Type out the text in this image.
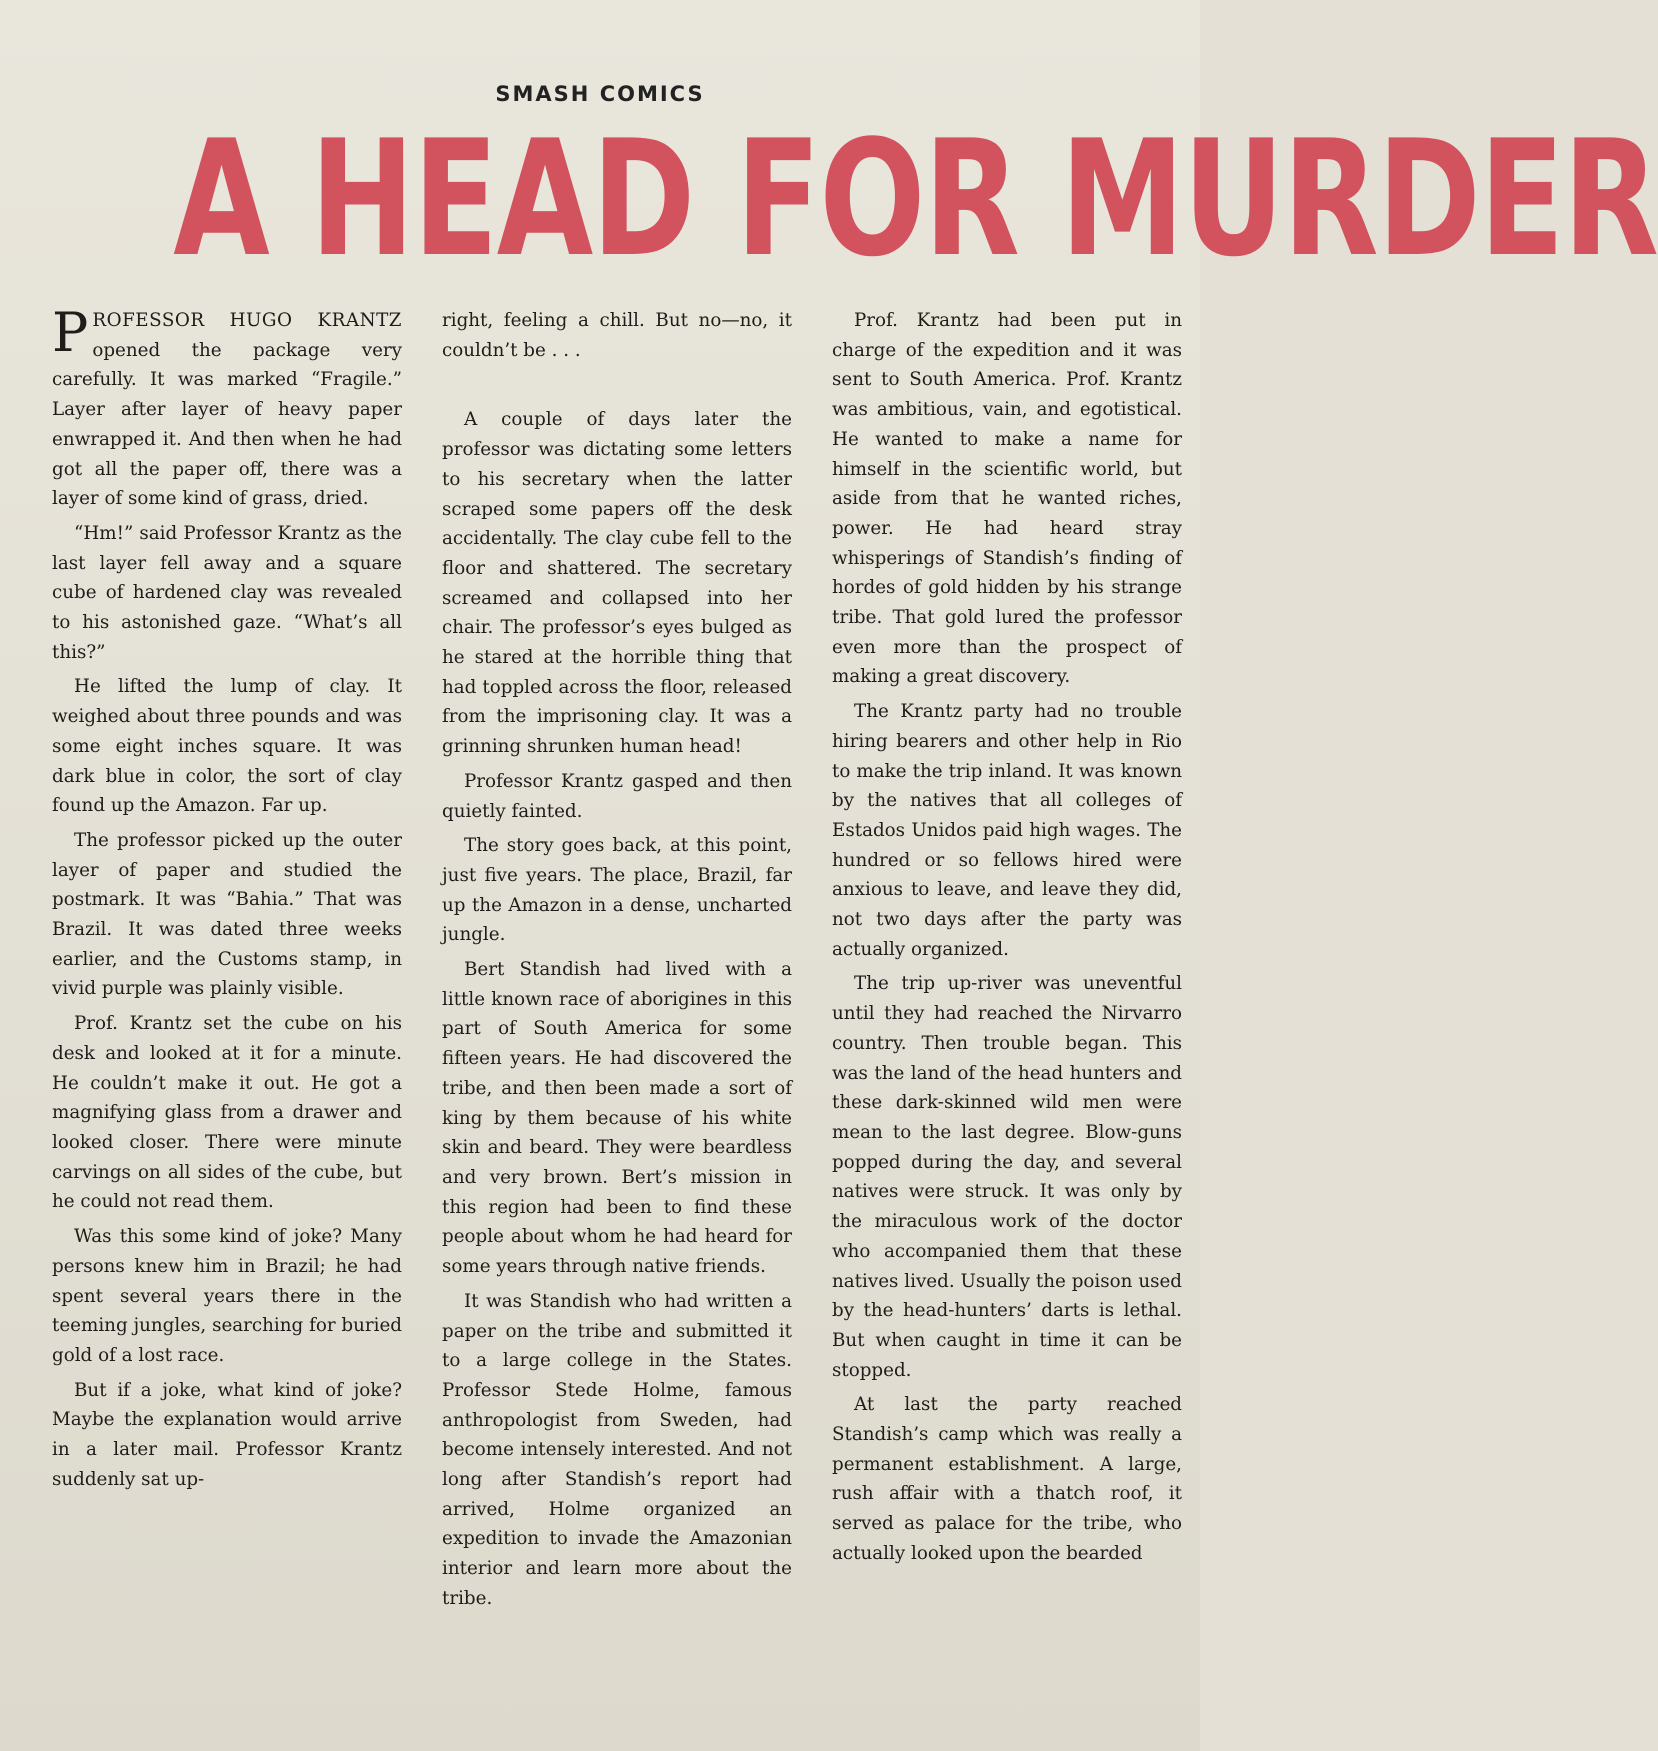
SMASH COMICS
A HEAD FOR MURDER

P ROFESSOR HUGO KRANTZ opened the package very carefully. It was marked “Fragile.” Layer after layer of heavy paper enwrapped it. And then when he had got all the paper off, there was a layer of some kind of grass, dried.

“Hm!” said Professor Krantz as the last layer fell away and a square cube of hardened clay was revealed to his astonished gaze. “What’s all this?”

He lifted the lump of clay. It weighed about three pounds and was some eight inches square. It was dark blue in color, the sort of clay found up the Amazon. Far up.

The professor picked up the outer layer of paper and studied the postmark. It was “Bahia.” That was Brazil. It was dated three weeks earlier, and the Customs stamp, in vivid purple was plainly visible.

Prof. Krantz set the cube on his desk and looked at it for a minute. He couldn’t make it out. He got a magnifying glass from a drawer and looked closer. There were minute carvings on all sides of the cube, but he could not read them.

Was this some kind of joke? Many persons knew him in Brazil; he had spent several years there in the teeming jungles, searching for buried gold of a lost race.

But if a joke, what kind of joke? Maybe the explanation would arrive in a later mail. Professor Krantz suddenly sat up-

right, feeling a chill. But no—no, it couldn’t be . . .

A couple of days later the professor was dictating some letters to his secretary when the latter scraped some papers off the desk accidentally. The clay cube fell to the floor and shattered. The secretary screamed and collapsed into her chair. The professor’s eyes bulged as he stared at the horrible thing that had toppled across the floor, released from the imprisoning clay. It was a grinning shrunken human head!

Professor Krantz gasped and then quietly fainted.

The story goes back, at this point, just five years. The place, Brazil, far up the Amazon in a dense, uncharted jungle.

Bert Standish had lived with a little known race of aborigines in this part of South America for some fifteen years. He had discovered the tribe, and then been made a sort of king by them because of his white skin and beard. They were beardless and very brown. Bert’s mission in this region had been to find these people about whom he had heard for some years through native friends.

It was Standish who had written a paper on the tribe and submitted it to a large college in the States. Professor Stede Holme, famous anthropologist from Sweden, had become intensely interested. And not long after Standish’s report had arrived, Holme organized an expedition to invade the Amazonian interior and learn more about the tribe.

Prof. Krantz had been put in charge of the expedition and it was sent to South America. Prof. Krantz was ambitious, vain, and egotistical. He wanted to make a name for himself in the scientific world, but aside from that he wanted riches, power. He had heard stray whisperings of Standish’s finding of hordes of gold hidden by his strange tribe. That gold lured the professor even more than the prospect of making a great discovery.

The Krantz party had no trouble hiring bearers and other help in Rio to make the trip inland. It was known by the natives that all colleges of Estados Unidos paid high wages. The hundred or so fellows hired were anxious to leave, and leave they did, not two days after the party was actually organized.

The trip up-river was uneventful until they had reached the Nirvarro country. Then trouble began. This was the land of the head hunters and these dark-skinned wild men were mean to the last degree. Blow-guns popped during the day, and several natives were struck. It was only by the miraculous work of the doctor who accompanied them that these natives lived. Usually the poison used by the head-hunters’ darts is lethal. But when caught in time it can be stopped.

At last the party reached Standish’s camp which was really a permanent establishment. A large, rush affair with a thatch roof, it served as palace for the tribe, who actually looked upon the bearded
